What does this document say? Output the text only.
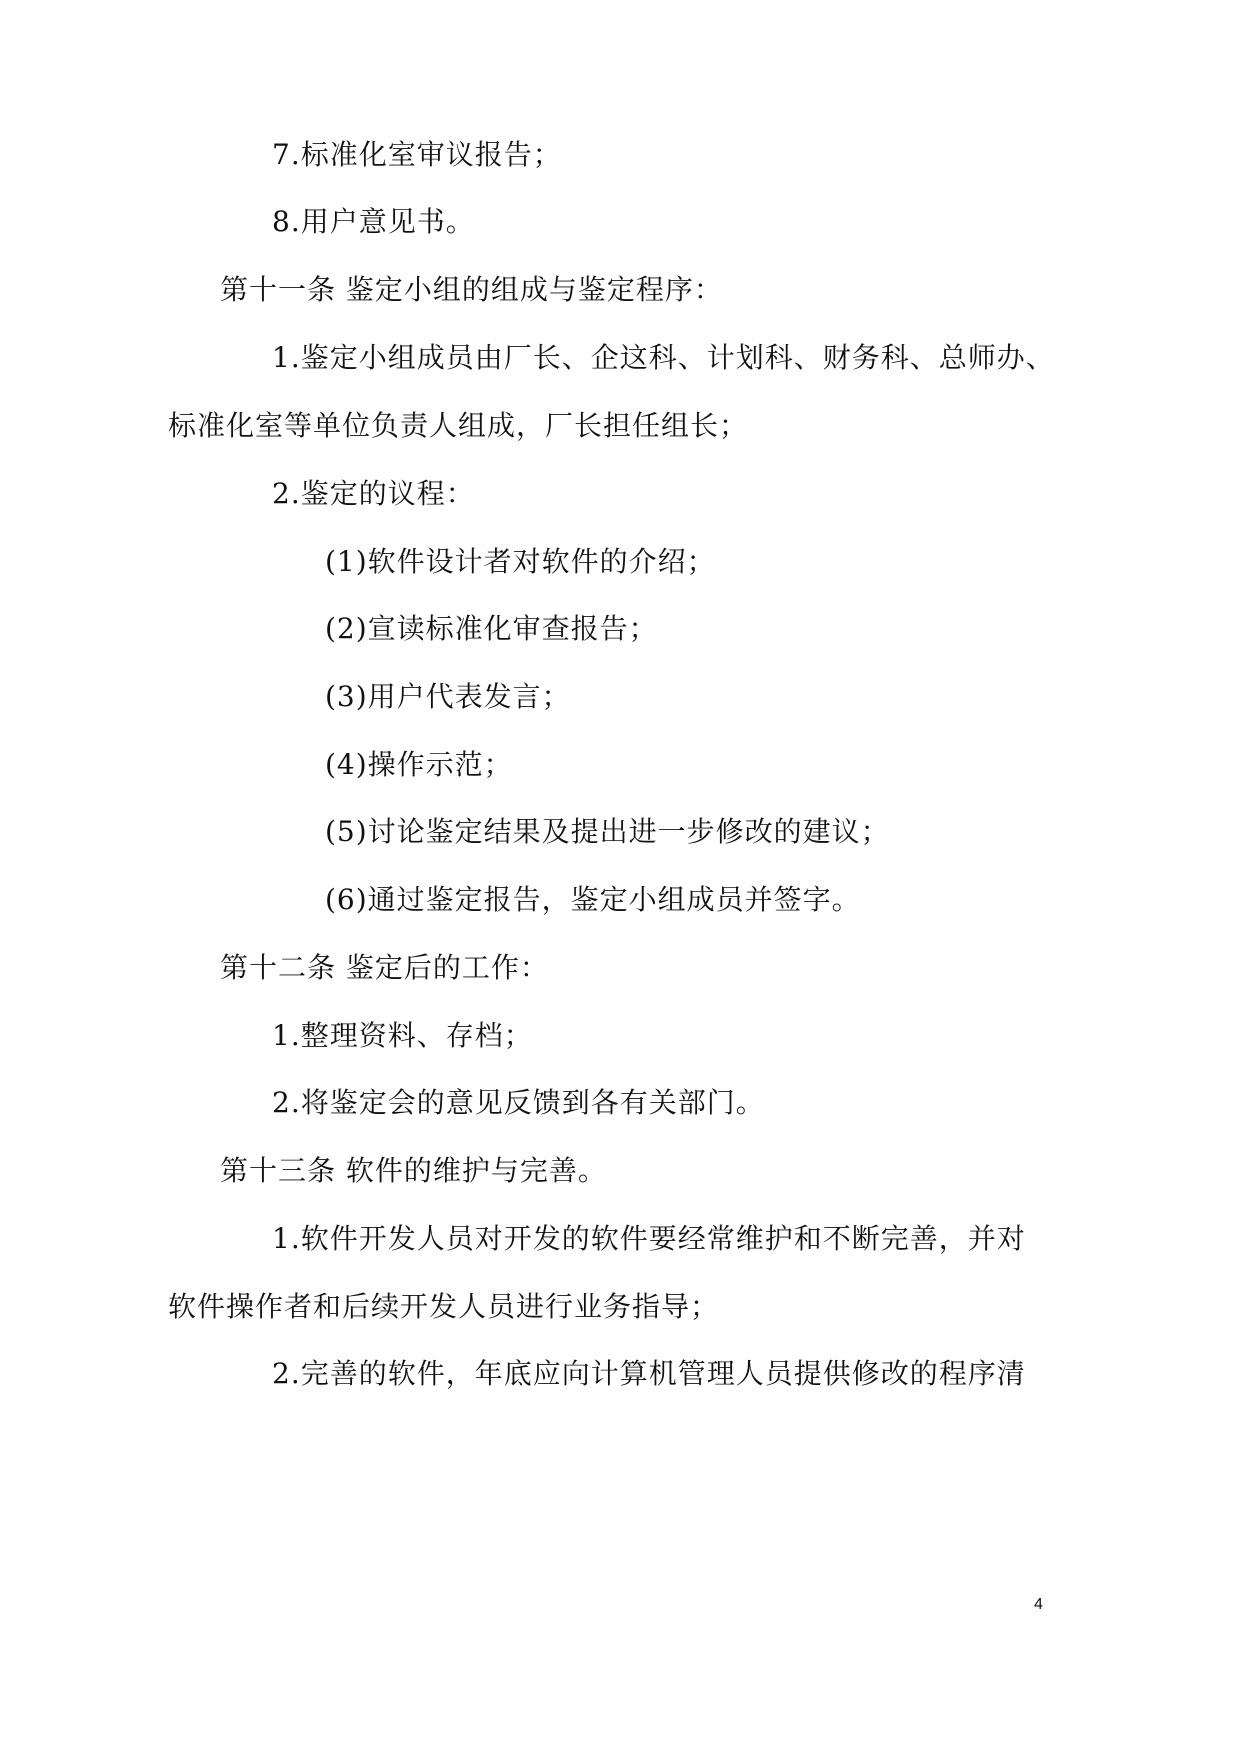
7.标准化室审议报告；

8.用户意见书。

第十一条 鉴定小组的组成与鉴定程序：

1.鉴定小组成员由厂长、企这科、计划科、财务科、总师办、

标准化室等单位负责人组成，厂长担任组长；

2.鉴定的议程：

(1)软件设计者对软件的介绍；

(2)宣读标准化审查报告；

(3)用户代表发言；

(4)操作示范；

(5)讨论鉴定结果及提出进一步修改的建议；

(6)通过鉴定报告，鉴定小组成员并签字。

第十二条 鉴定后的工作：

1.整理资料、存档；

2.将鉴定会的意见反馈到各有关部门。

第十三条 软件的维护与完善。

1.软件开发人员对开发的软件要经常维护和不断完善，并对

软件操作者和后续开发人员进行业务指导；

2.完善的软件，年底应向计算机管理人员提供修改的程序清

4
